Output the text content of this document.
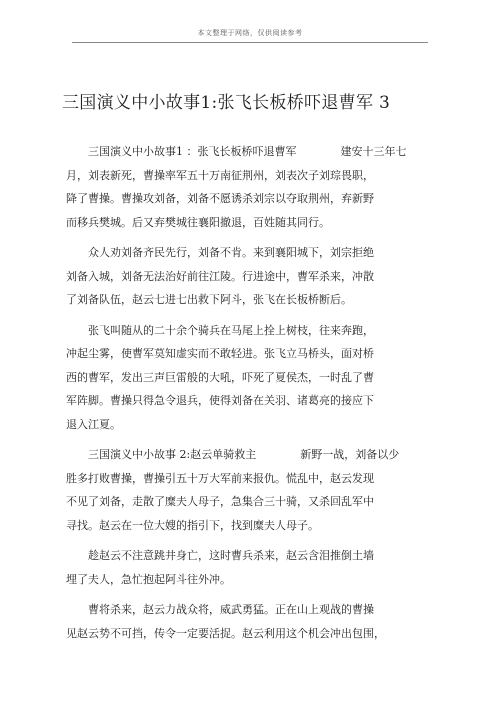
本文整理于网络，仅供阅读参考
三国演义中小故事1:张飞长板桥吓退曹军 3
三国演义中小故事1 ：张飞长板桥吓退曹军　　　　建安十三年七
月，刘表新死，曹操率军五十万南征荆州，刘表次子刘琮畏职，
降了曹操。曹操攻刘备，刘备不愿诱杀刘宗以夺取荆州，弃新野
而移兵樊城。后又弃樊城往襄阳撤退，百姓随其同行。
众人劝刘备齐民先行，刘备不肯。来到襄阳城下，刘宗拒绝
刘备入城，刘备无法治好前往江陵。行进途中，曹军杀来，冲散
了刘备队伍，赵云七进七出救下阿斗，张飞在长板桥断后。
张飞叫随从的二十余个骑兵在马尾上拴上树枝，往来奔跑，
冲起尘雾，使曹军莫知虚实而不敢轻进。张飞立马桥头，面对桥
西的曹军，发出三声巨雷般的大吼，吓死了夏侯杰，一时乱了曹
军阵脚。曹操只得急令退兵，使得刘备在关羽、诸葛亮的接应下
退入江夏。
三国演义中小故事 2:赵云单骑救主　　　　新野一战，刘备以少
胜多打败曹操，曹操引五十万大军前来报仇。慌乱中，赵云发现
不见了刘备，走散了糜夫人母子，急集合三十骑，又杀回乱军中
寻找。赵云在一位大嫂的指引下，找到糜夫人母子。
趁赵云不注意跳井身亡，这时曹兵杀来，赵云含泪推倒土墙
埋了夫人，急忙抱起阿斗往外冲。
曹将杀来，赵云力战众将，威武勇猛。正在山上观战的曹操
见赵云势不可挡，传令一定要活捉。赵云利用这个机会冲出包围，
